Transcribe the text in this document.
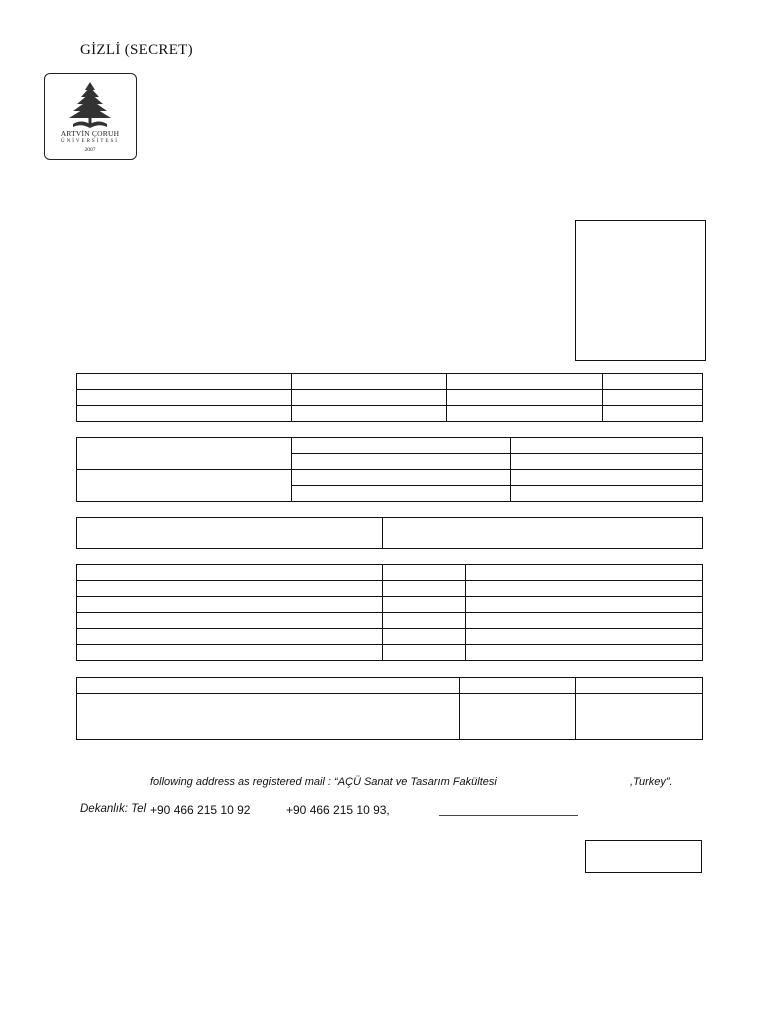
GİZLİ (SECRET)
ARTVİN ÇORUH
ÜNİVERSİTESİ
2007

following address as registered mail : “AÇÜ Sanat ve Tasarım Fakültesi	,Turkey”.
Dekanlık: Tel +90 466 215 10 92	+90 466 215 10 93,
